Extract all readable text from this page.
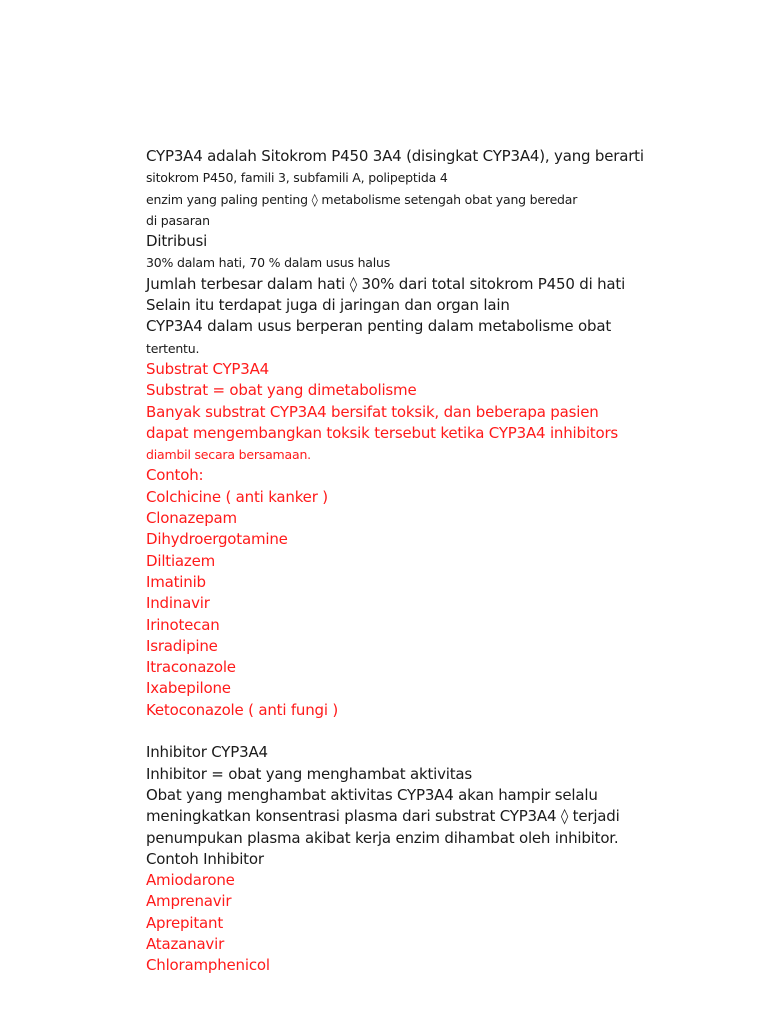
CYP3A4 adalah Sitokrom P450 3A4 (disingkat CYP3A4), yang berarti
sitokrom P450, famili 3, subfamili A, polipeptida 4
enzim yang paling penting ◊ metabolisme setengah obat yang beredar
di pasaran
Ditribusi
30% dalam hati, 70 % dalam usus halus
Jumlah terbesar dalam hati ◊ 30% dari total sitokrom P450 di hati
Selain itu terdapat juga di jaringan dan organ lain
CYP3A4 dalam usus berperan penting dalam metabolisme obat
tertentu.
Substrat CYP3A4
Substrat = obat yang dimetabolisme
Banyak substrat CYP3A4 bersifat toksik, dan beberapa pasien
dapat mengembangkan toksik tersebut ketika CYP3A4 inhibitors
diambil secara bersamaan.
Contoh:
Colchicine ( anti kanker )
Clonazepam
Dihydroergotamine
Diltiazem
Imatinib
Indinavir
Irinotecan
Isradipine
Itraconazole
Ixabepilone
Ketoconazole ( anti fungi )
Inhibitor CYP3A4
Inhibitor = obat yang menghambat aktivitas
Obat yang menghambat aktivitas CYP3A4 akan hampir selalu
meningkatkan konsentrasi plasma dari substrat CYP3A4 ◊ terjadi
penumpukan plasma akibat kerja enzim dihambat oleh inhibitor.
Contoh Inhibitor
Amiodarone
Amprenavir
Aprepitant
Atazanavir
Chloramphenicol
